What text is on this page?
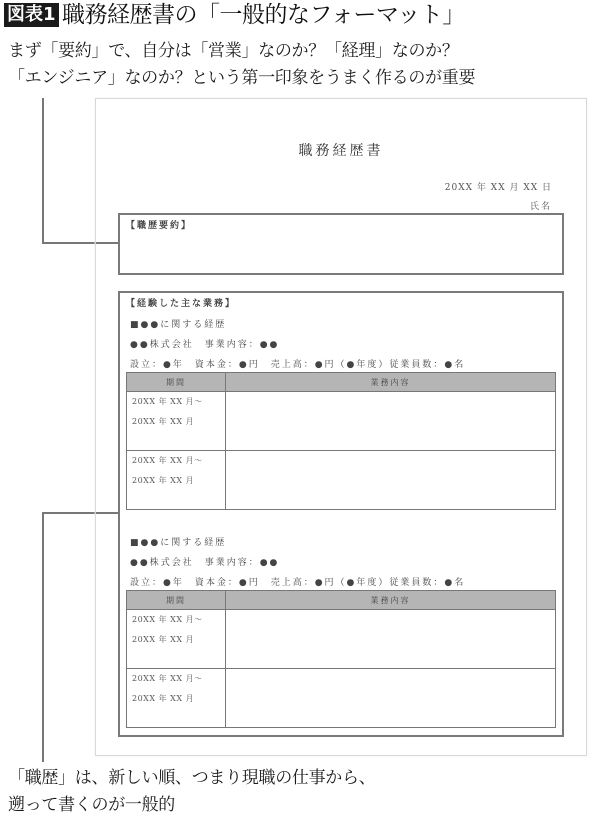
図表1 職務経歴書の「一般的なフォーマット」
まず「要約」で、自分は「営業」なのか？「経理」なのか？
「エンジニア」なのか？という第一印象をうまく作るのが重要
職務経歴書
20XX 年 XX 月 XX 日
氏名
【職歴要約】
【経験した主な業務】
■●●に関する経歴
●●株式会社　事業内容：●●
設立：●年　資本金：●円　売上高：●円（●年度）従業員数：●名
期間	業務内容

20XX 年 XX 月～
20XX 年 XX 月	

20XX 年 XX 月～
20XX 年 XX 月	

■●●に関する経歴
●●株式会社　事業内容：●●
設立：●年　資本金：●円　売上高：●円（●年度）従業員数：●名
期間	業務内容

20XX 年 XX 月～
20XX 年 XX 月	

20XX 年 XX 月～
20XX 年 XX 月	

「職歴」は、新しい順、つまり現職の仕事から、
遡って書くのが一般的
